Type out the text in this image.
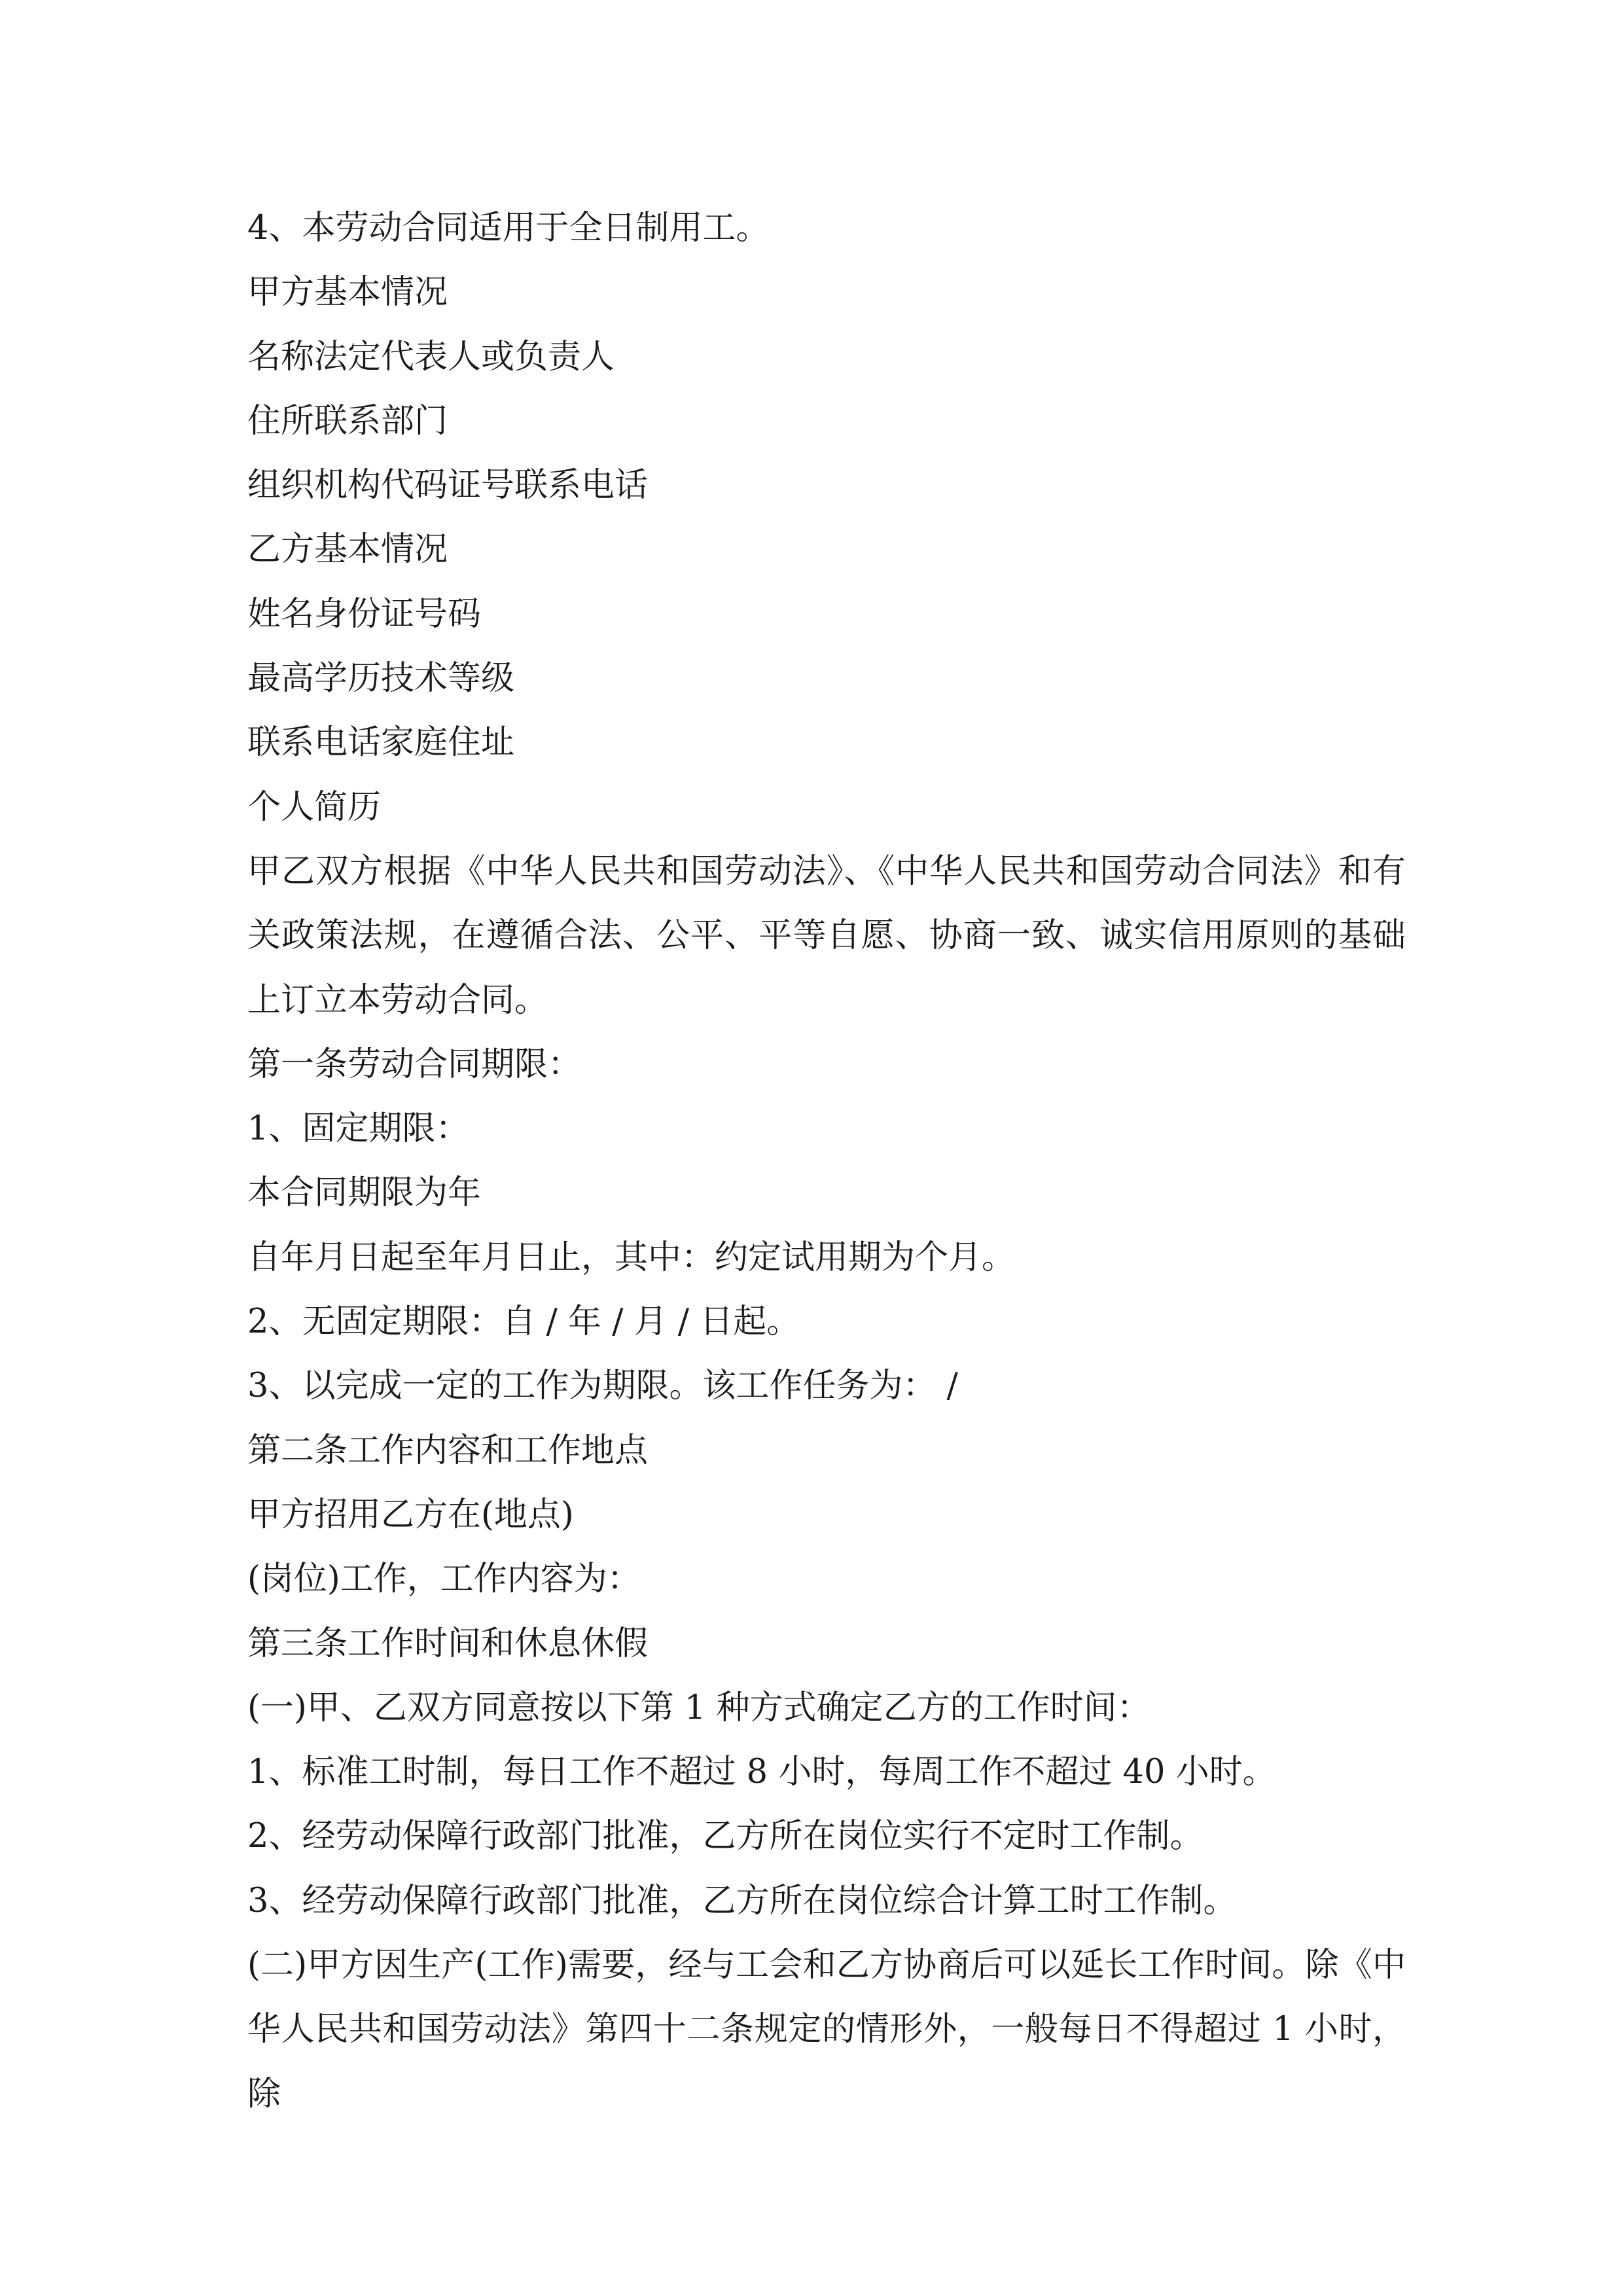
4、本劳动合同适用于全日制用工。
甲方基本情况
名称法定代表人或负责人
住所联系部门
组织机构代码证号联系电话
乙方基本情况
姓名身份证号码
最高学历技术等级
联系电话家庭住址
个人简历
甲乙双方根据《中华人民共和国劳动法》、《中华人民共和国劳动合同法》和有关政策法规，在遵循合法、公平、平等自愿、协商一致、诚实信用原则的基础上订立本劳动合同。
第一条劳动合同期限：
1、固定期限：
本合同期限为年
自年月日起至年月日止，其中：约定试用期为个月。
2、无固定期限：自 / 年 / 月 / 日起。
3、以完成一定的工作为期限。该工作任务为： /
第二条工作内容和工作地点
甲方招用乙方在(地点)
(岗位)工作，工作内容为：
第三条工作时间和休息休假
(一)甲、乙双方同意按以下第 1 种方式确定乙方的工作时间：
1、标准工时制，每日工作不超过 8 小时，每周工作不超过 40 小时。
2、经劳动保障行政部门批准，乙方所在岗位实行不定时工作制。
3、经劳动保障行政部门批准，乙方所在岗位综合计算工时工作制。
(二)甲方因生产(工作)需要，经与工会和乙方协商后可以延长工作时间。除《中华人民共和国劳动法》第四十二条规定的情形外，一般每日不得超过 1 小时，除
